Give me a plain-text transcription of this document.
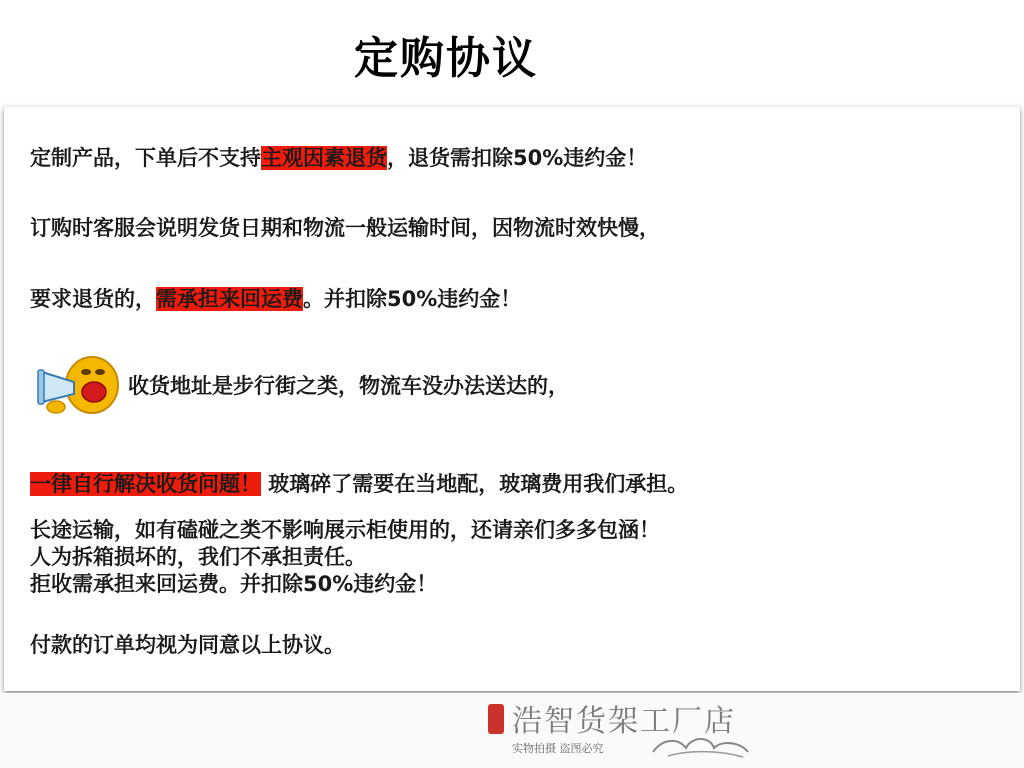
定购协议
定制产品，下单后不支持主观因素退货，退货需扣除50%违约金！
订购时客服会说明发货日期和物流一般运输时间，因物流时效快慢，
要求退货的，需承担来回运费。并扣除50%违约金！
收货地址是步行街之类，物流车没办法送达的，
一律自行解决收货问题！ 玻璃碎了需要在当地配，玻璃费用我们承担。
长途运输，如有磕碰之类不影响展示柜使用的，还请亲们多多包涵！
人为拆箱损坏的，我们不承担责任。
拒收需承担来回运费。并扣除50%违约金！
付款的订单均视为同意以上协议。
浩智货架工厂店
实物拍摄 盗图必究
